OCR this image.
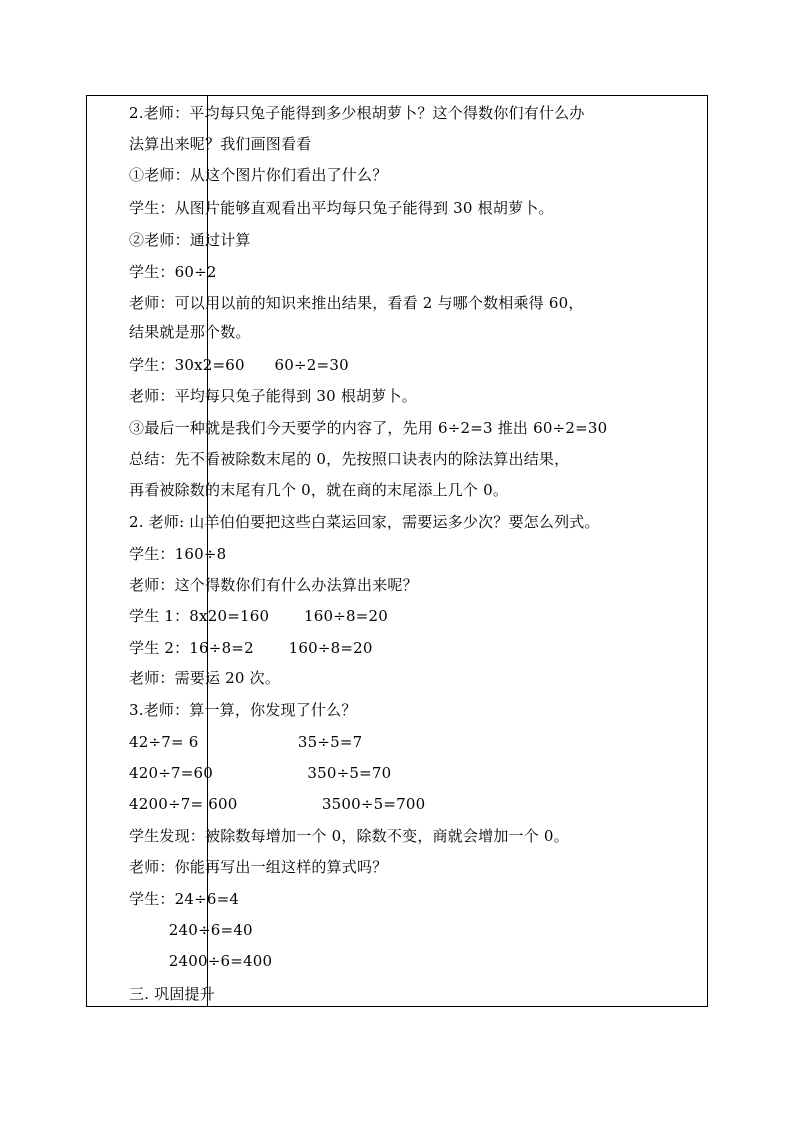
2.老师：平均每只兔子能得到多少根胡萝卜？这个得数你们有什么办
法算出来呢？我们画图看看
①老师：从这个图片你们看出了什么？
学生：从图片能够直观看出平均每只兔子能得到 30 根胡萝卜。
②老师：通过计算
学生：60÷2
老师：可以用以前的知识来推出结果，看看 2 与哪个数相乘得 60，
结果就是那个数。
学生：30x2=60      60÷2=30
老师：平均每只兔子能得到 30 根胡萝卜。
③最后一种就是我们今天要学的内容了，先用 6÷2=3 推出 60÷2=30
总结：先不看被除数末尾的 0，先按照口诀表内的除法算出结果，
再看被除数的末尾有几个 0，就在商的末尾添上几个 0。
2. 老师: 山羊伯伯要把这些白菜运回家，需要运多少次？要怎么列式。
学生：160÷8
老师：这个得数你们有什么办法算出来呢？
学生 1：8x20=160       160÷8=20
学生 2：16÷8=2       160÷8=20
老师：需要运 20 次。
3.老师：算一算，你发现了什么？
42÷7= 6                    35÷5=7
420÷7=60                   350÷5=70
4200÷7= 600                 3500÷5=700
学生发现：被除数每增加一个 0，除数不变，商就会增加一个 0。
老师：你能再写出一组这样的算式吗？
学生：24÷6=4
240÷6=40
2400÷6=400
三. 巩固提升
